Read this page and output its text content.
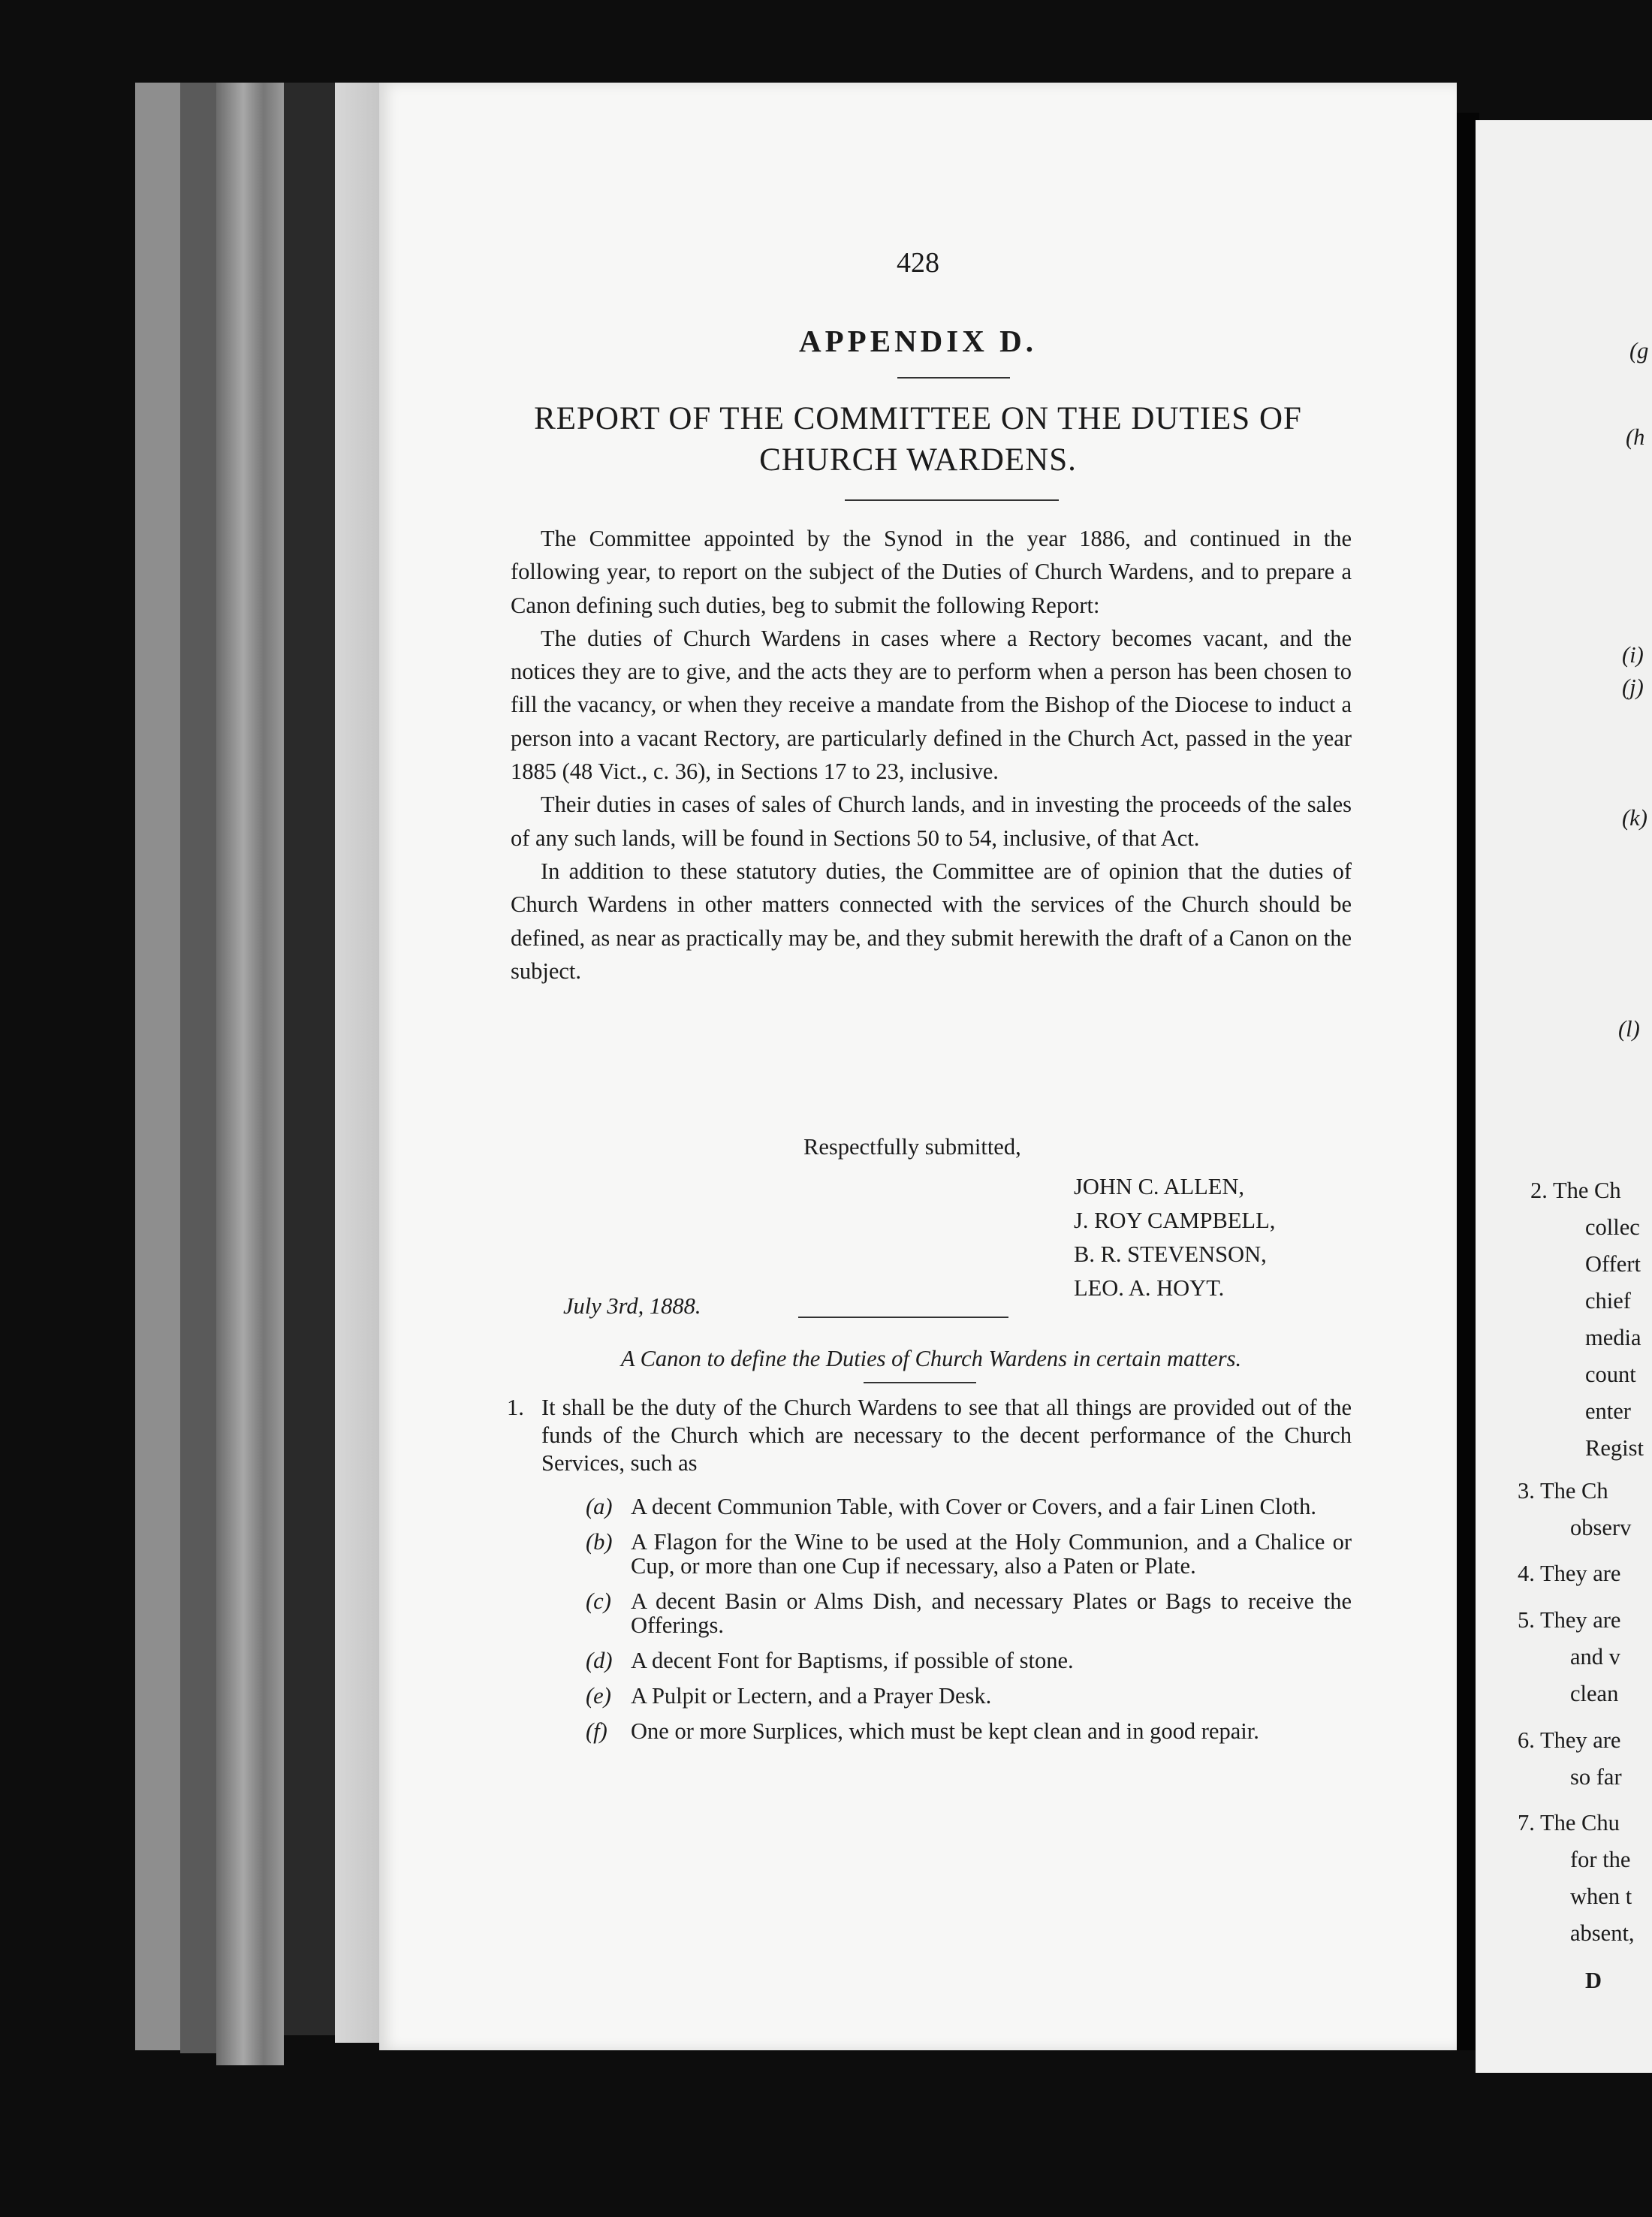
428
APPENDIX D.
REPORT OF THE COMMITTEE ON THE DUTIES OF CHURCH WARDENS.

The Committee appointed by the Synod in the year 1886, and continued in the following year, to report on the subject of the Duties of Church Wardens, and to prepare a Canon defining such duties, beg to submit the following Report:

The duties of Church Wardens in cases where a Rectory becomes vacant, and the notices they are to give, and the acts they are to perform when a person has been chosen to fill the vacancy, or when they receive a mandate from the Bishop of the Diocese to induct a person into a vacant Rectory, are particularly defined in the Church Act, passed in the year 1885 (48 Vict., c. 36), in Sections 17 to 23, inclusive.

Their duties in cases of sales of Church lands, and in investing the proceeds of the sales of any such lands, will be found in Sections 50 to 54, inclusive, of that Act.

In addition to these statutory duties, the Committee are of opinion that the duties of Church Wardens in other matters connected with the services of the Church should be defined, as near as practically may be, and they submit herewith the draft of a Canon on the subject.

Respectfully submitted,
JOHN C. ALLEN,
J. ROY CAMPBELL,
B. R. STEVENSON,
LEO. A. HOYT.
July 3rd, 1888.
A Canon to define the Duties of Church Wardens in certain matters.
1. It shall be the duty of the Church Wardens to see that all things are provided out of the funds of the Church which are necessary to the decent performance of the Church Services, such as
(a) A decent Communion Table, with Cover or Covers, and a fair Linen Cloth.
(b) A Flagon for the Wine to be used at the Holy Communion, and a Chalice or Cup, or more than one Cup if necessary, also a Paten or Plate.
(c) A decent Basin or Alms Dish, and necessary Plates or Bags to receive the Offerings.
(d) A decent Font for Baptisms, if possible of stone.
(e) A Pulpit or Lectern, and a Prayer Desk.
(f) One or more Surplices, which must be kept clean and in good repair.
(g
(h
(i)
(j)
(k)
(l)
2. The Ch
collec
Offert
chief
media
count
enter
Regist
3. The Ch
observ
4. They are
5. They are
and v
clean
6. They are
so far
7. The Chu
for the
when t
absent,
D
